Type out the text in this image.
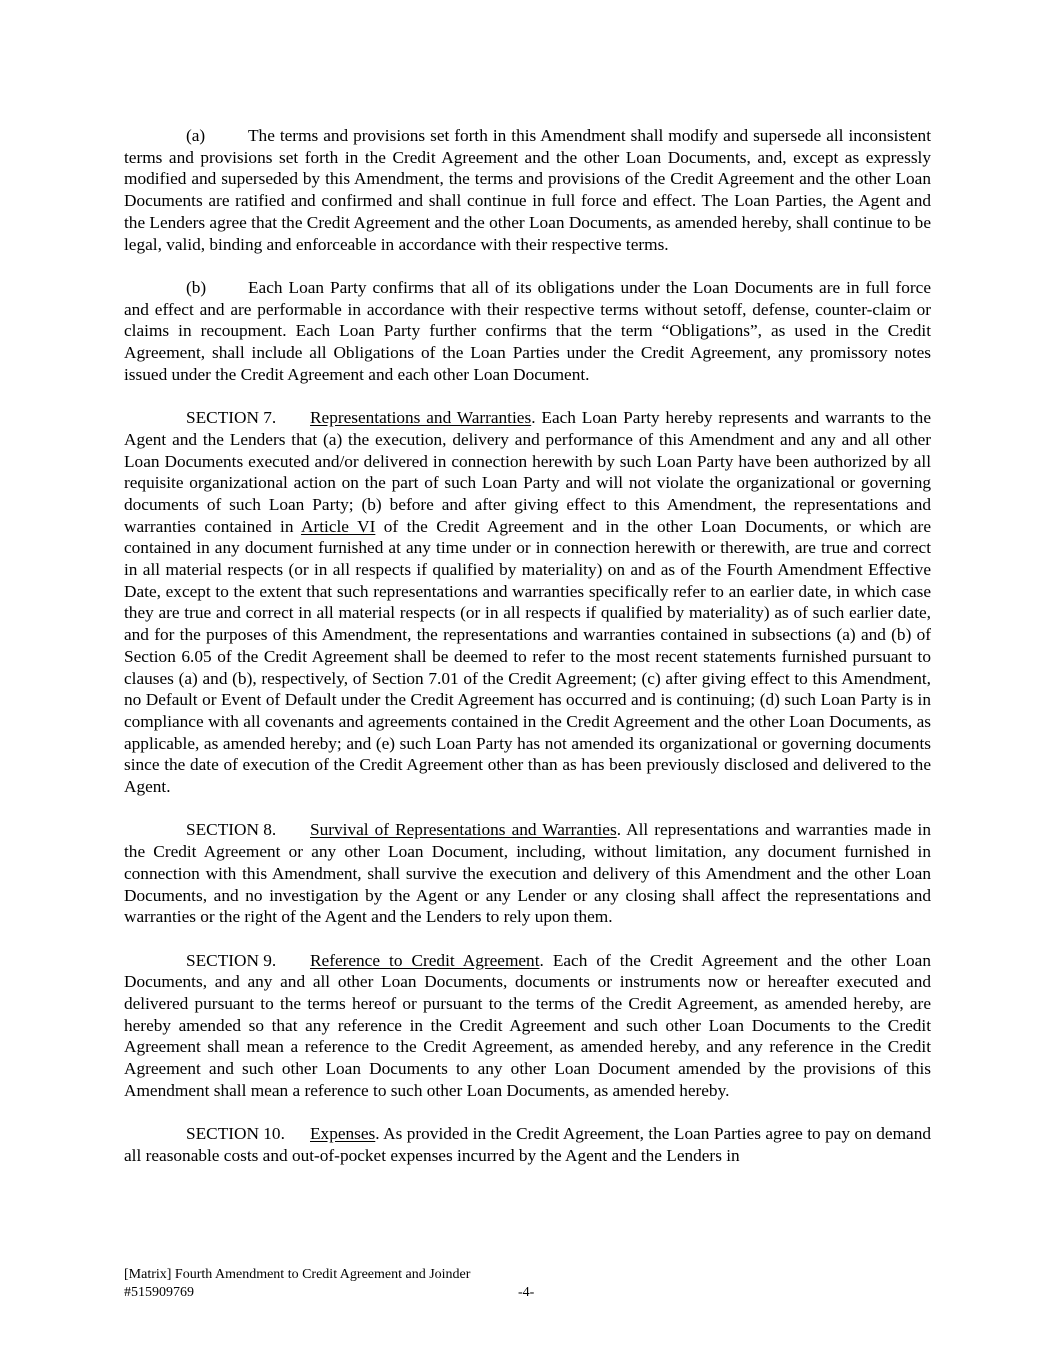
(a) The terms and provisions set forth in this Amendment shall modify and supersede all inconsistent terms and provisions set forth in the Credit Agreement and the other Loan Documents, and, except as expressly modified and superseded by this Amendment, the terms and provisions of the Credit Agreement and the other Loan Documents are ratified and confirmed and shall continue in full force and effect. The Loan Parties, the Agent and the Lenders agree that the Credit Agreement and the other Loan Documents, as amended hereby, shall continue to be legal, valid, binding and enforceable in accordance with their respective terms.

(b) Each Loan Party confirms that all of its obligations under the Loan Documents are in full force and effect and are performable in accordance with their respective terms without setoff, defense, counter-claim or claims in recoupment. Each Loan Party further confirms that the term “Obligations”, as used in the Credit Agreement, shall include all Obligations of the Loan Parties under the Credit Agreement, any promissory notes issued under the Credit Agreement and each other Loan Document.

SECTION 7. Representations and Warranties. Each Loan Party hereby represents and warrants to the Agent and the Lenders that (a) the execution, delivery and performance of this Amendment and any and all other Loan Documents executed and/or delivered in connection herewith by such Loan Party have been authorized by all requisite organizational action on the part of such Loan Party and will not violate the organizational or governing documents of such Loan Party; (b) before and after giving effect to this Amendment, the representations and warranties contained in Article VI of the Credit Agreement and in the other Loan Documents, or which are contained in any document furnished at any time under or in connection herewith or therewith, are true and correct in all material respects (or in all respects if qualified by materiality) on and as of the Fourth Amendment Effective Date, except to the extent that such representations and warranties specifically refer to an earlier date, in which case they are true and correct in all material respects (or in all respects if qualified by materiality) as of such earlier date, and for the purposes of this Amendment, the representations and warranties contained in subsections (a) and (b) of Section 6.05 of the Credit Agreement shall be deemed to refer to the most recent statements furnished pursuant to clauses (a) and (b), respectively, of Section 7.01 of the Credit Agreement; (c) after giving effect to this Amendment, no Default or Event of Default under the Credit Agreement has occurred and is continuing; (d) such Loan Party is in compliance with all covenants and agreements contained in the Credit Agreement and the other Loan Documents, as applicable, as amended hereby; and (e) such Loan Party has not amended its organizational or governing documents since the date of execution of the Credit Agreement other than as has been previously disclosed and delivered to the Agent.

SECTION 8. Survival of Representations and Warranties. All representations and warranties made in the Credit Agreement or any other Loan Document, including, without limitation, any document furnished in connection with this Amendment, shall survive the execution and delivery of this Amendment and the other Loan Documents, and no investigation by the Agent or any Lender or any closing shall affect the representations and warranties or the right of the Agent and the Lenders to rely upon them.

SECTION 9. Reference to Credit Agreement. Each of the Credit Agreement and the other Loan Documents, and any and all other Loan Documents, documents or instruments now or hereafter executed and delivered pursuant to the terms hereof or pursuant to the terms of the Credit Agreement, as amended hereby, are hereby amended so that any reference in the Credit Agreement and such other Loan Documents to the Credit Agreement shall mean a reference to the Credit Agreement, as amended hereby, and any reference in the Credit Agreement and such other Loan Documents to any other Loan Document amended by the provisions of this Amendment shall mean a reference to such other Loan Documents, as amended hereby.

SECTION 10. Expenses. As provided in the Credit Agreement, the Loan Parties agree to pay on demand all reasonable costs and out-of-pocket expenses incurred by the Agent and the Lenders in

[Matrix] Fourth Amendment to Credit Agreement and Joinder
#515909769	-4-
